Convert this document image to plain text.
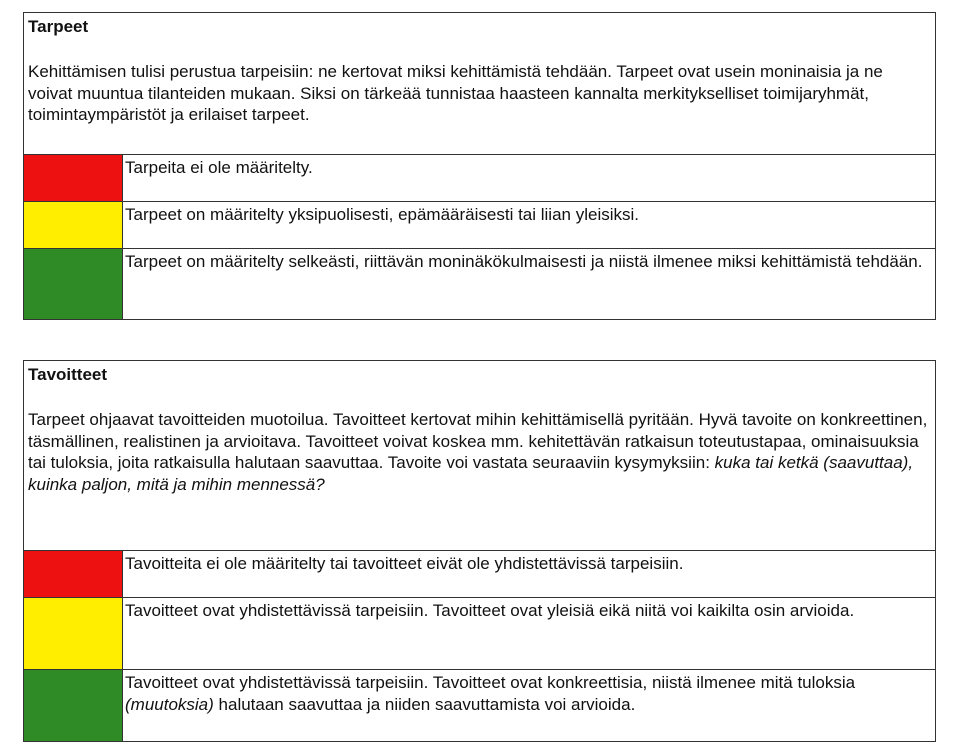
Tarpeet

Kehittämisen tulisi perustua tarpeisiin: ne kertovat miksi kehittämistä tehdään. Tarpeet ovat usein moninaisia ja ne voivat muuntua tilanteiden mukaan. Siksi on tärkeää tunnistaa haasteen kannalta merkitykselliset toimijaryhmät, toimintaympäristöt ja erilaiset tarpeet.

Tarpeita ei ole määritelty.
Tarpeet on määritelty yksipuolisesti, epämääräisesti tai liian yleisiksi.
Tarpeet on määritelty selkeästi, riittävän moninäkökulmaisesti ja niistä ilmenee miksi kehittämistä tehdään.

Tavoitteet

Tarpeet ohjaavat tavoitteiden muotoilua. Tavoitteet kertovat mihin kehittämisellä pyritään. Hyvä tavoite on konkreettinen, täsmällinen, realistinen ja arvioitava. Tavoitteet voivat koskea mm. kehitettävän ratkaisun toteutustapaa, ominaisuuksia tai tuloksia, joita ratkaisulla halutaan saavuttaa. Tavoite voi vastata seuraaviin kysymyksiin: kuka tai ketkä (saavuttaa), kuinka paljon, mitä ja mihin mennessä?

Tavoitteita ei ole määritelty tai tavoitteet eivät ole yhdistettävissä tarpeisiin.
Tavoitteet ovat yhdistettävissä tarpeisiin. Tavoitteet ovat yleisiä eikä niitä voi kaikilta osin arvioida.
Tavoitteet ovat yhdistettävissä tarpeisiin. Tavoitteet ovat konkreettisia, niistä ilmenee mitä tuloksia (muutoksia) halutaan saavuttaa ja niiden saavuttamista voi arvioida.
